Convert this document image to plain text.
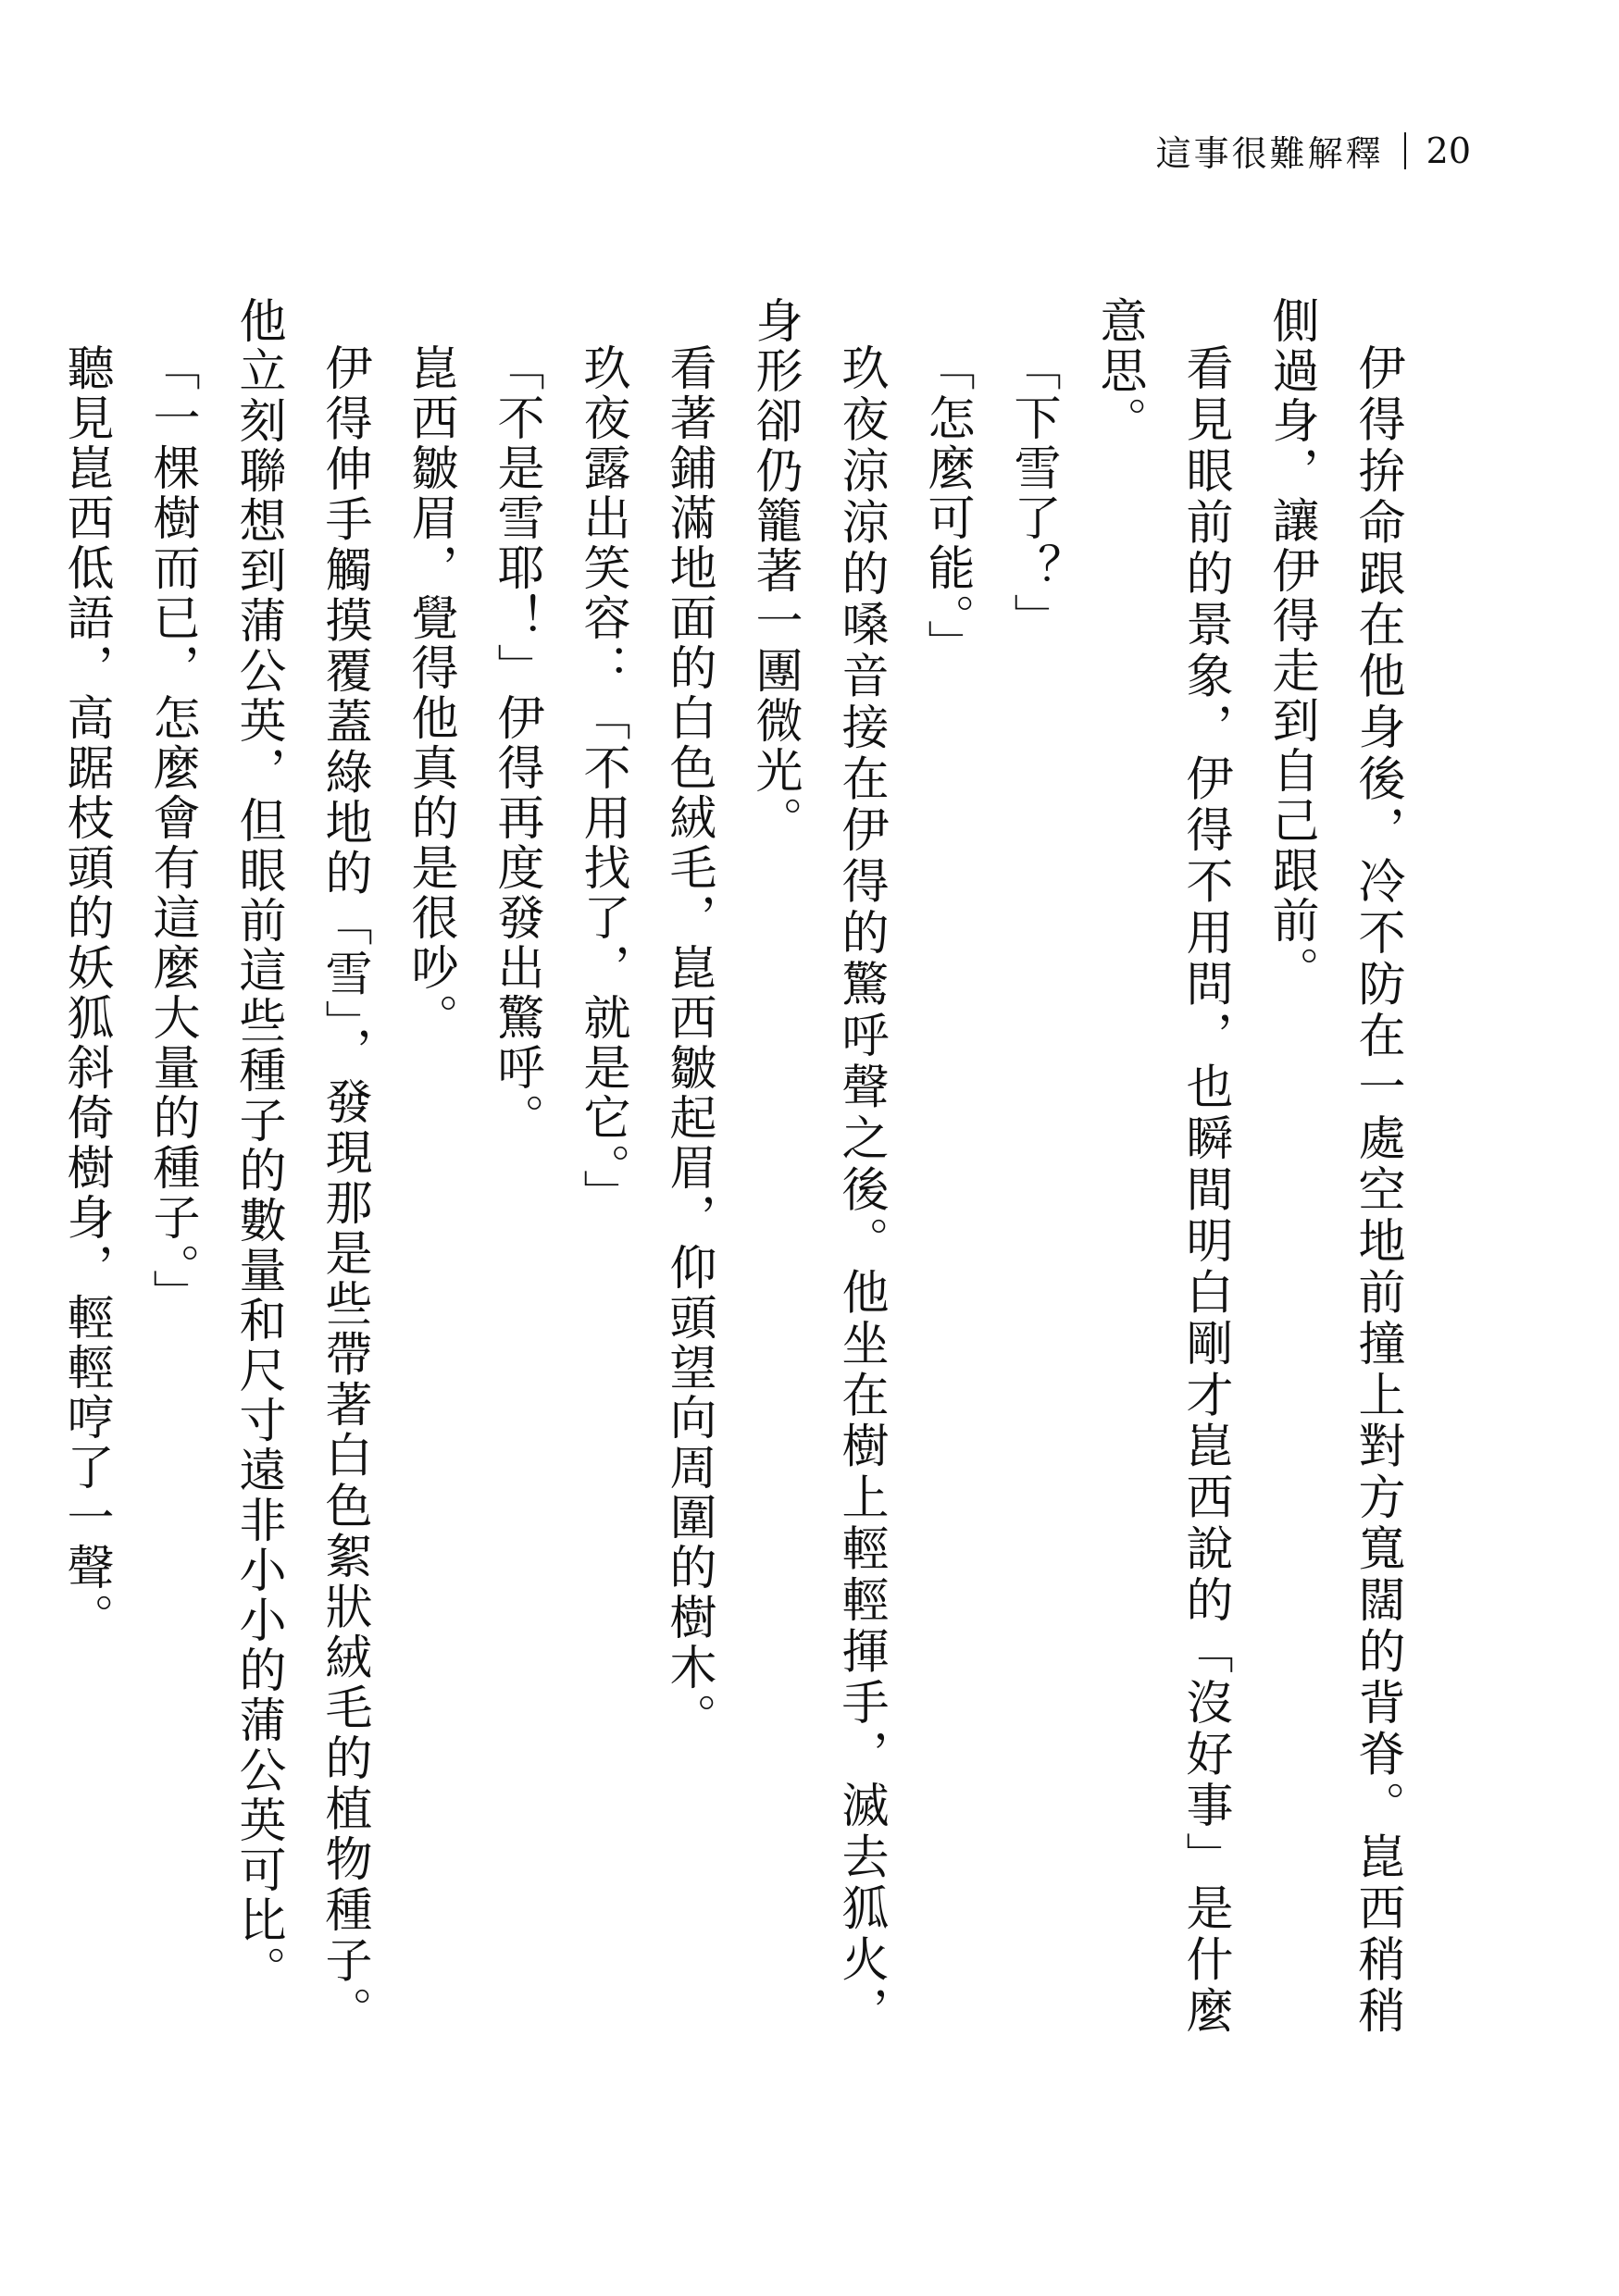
這事很難解釋 20

伊得拚命跟在他身後，冷不防在一處空地前撞上對方寬闊的背脊。崑西稍稍側過身，讓伊得走到自己跟前。

看見眼前的景象，伊得不用問，也瞬間明白剛才崑西說的「沒好事」是什麼意思。

「下雪了？」

「怎麼可能。」

玖夜涼涼的嗓音接在伊得的驚呼聲之後。他坐在樹上輕輕揮手，滅去狐火，身形卻仍籠著一團微光。

看著鋪滿地面的白色絨毛，崑西皺起眉，仰頭望向周圍的樹木。

玖夜露出笑容：「不用找了，就是它。」

「不是雪耶！」伊得再度發出驚呼。

崑西皺眉，覺得他真的是很吵。

伊得伸手觸摸覆蓋綠地的「雪」，發現那是些帶著白色絮狀絨毛的植物種子。他立刻聯想到蒲公英，但眼前這些種子的數量和尺寸遠非小小的蒲公英可比。

「一棵樹而已，怎麼會有這麼大量的種子。」

聽見崑西低語，高踞枝頭的妖狐斜倚樹身，輕輕哼了一聲。
